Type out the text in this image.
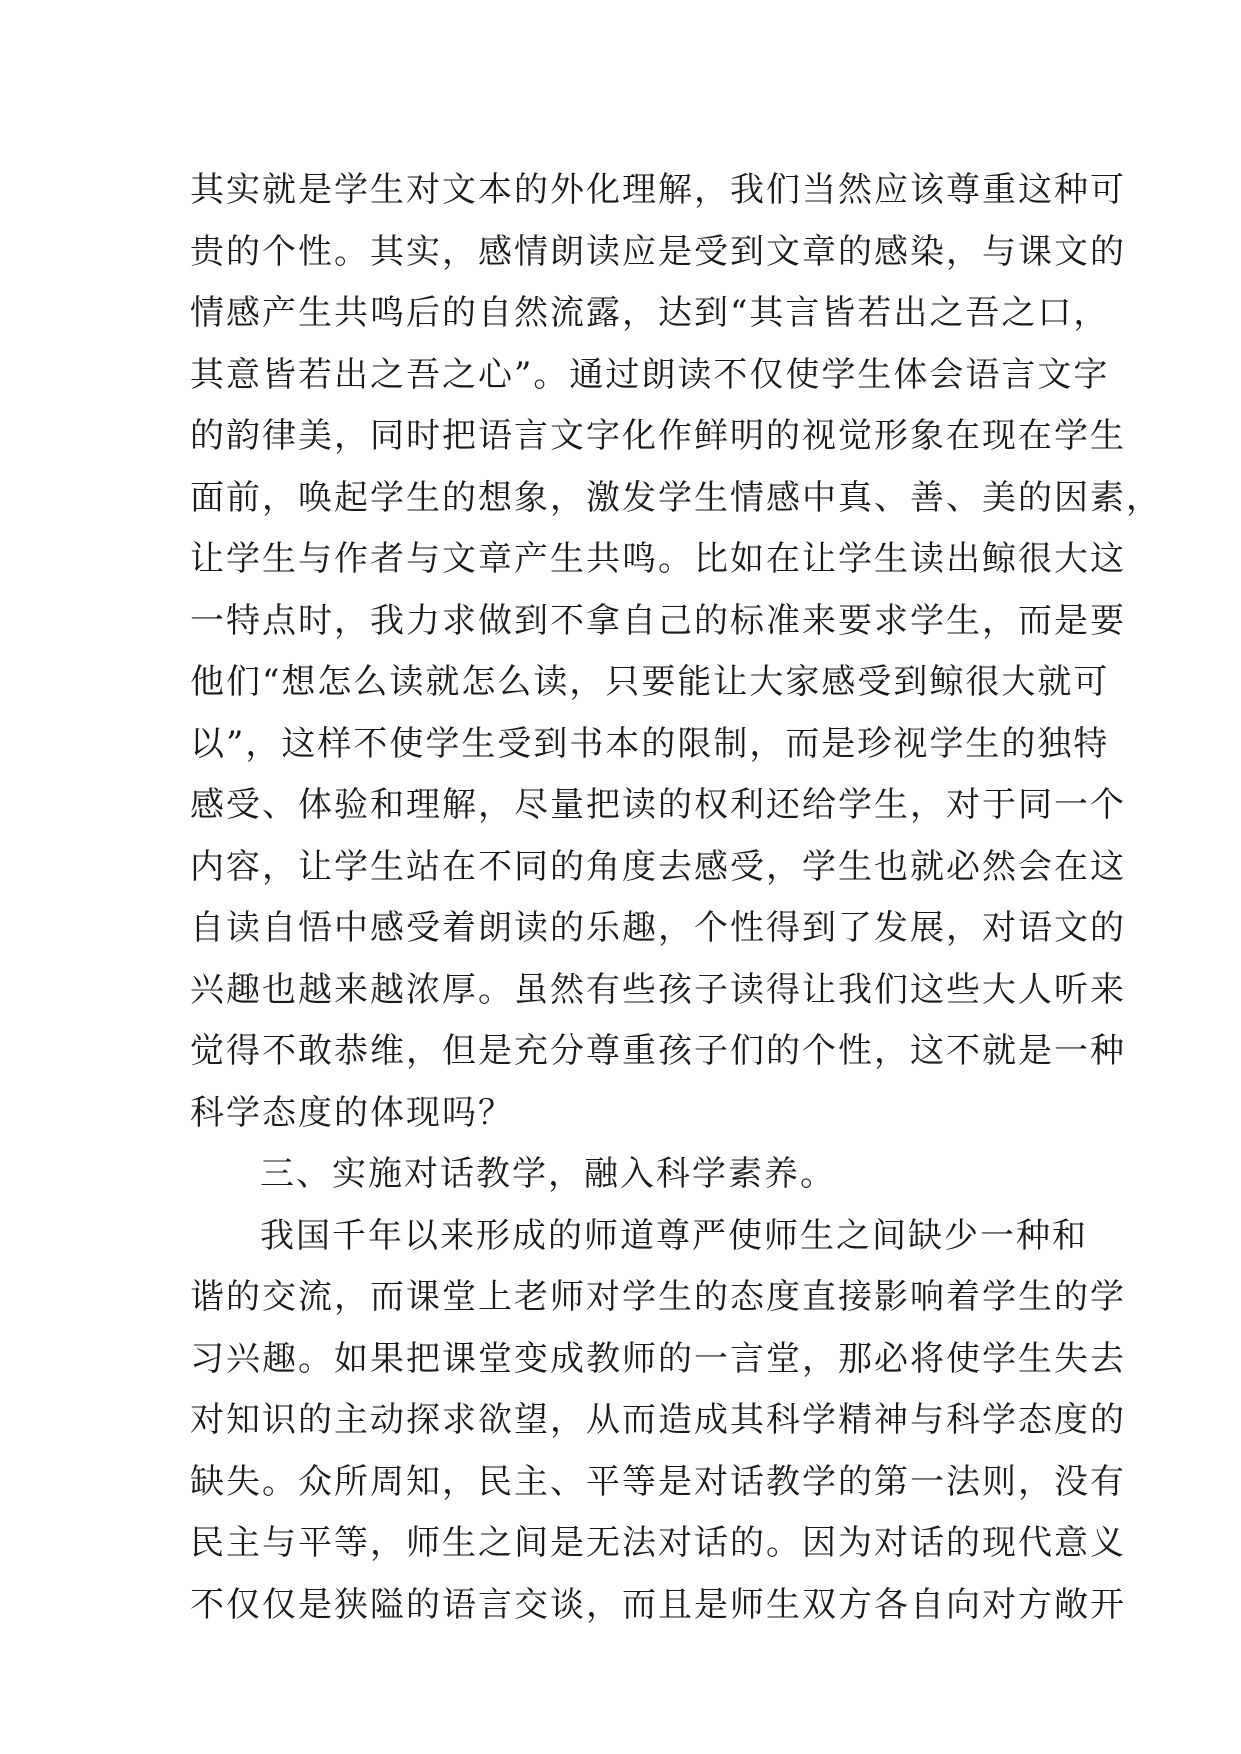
其实就是学生对文本的外化理解，我们当然应该尊重这种可
贵的个性。其实，感情朗读应是受到文章的感染，与课文的
情感产生共鸣后的自然流露，达到“其言皆若出之吾之口，
其意皆若出之吾之心”。通过朗读不仅使学生体会语言文字
的韵律美，同时把语言文字化作鲜明的视觉形象在现在学生
面前，唤起学生的想象，激发学生情感中真、善、美的因素，
让学生与作者与文章产生共鸣。比如在让学生读出鲸很大这
一特点时，我力求做到不拿自己的标准来要求学生，而是要
他们“想怎么读就怎么读，只要能让大家感受到鲸很大就可
以”，这样不使学生受到书本的限制，而是珍视学生的独特
感受、体验和理解，尽量把读的权利还给学生，对于同一个
内容，让学生站在不同的角度去感受，学生也就必然会在这
自读自悟中感受着朗读的乐趣，个性得到了发展，对语文的
兴趣也越来越浓厚。虽然有些孩子读得让我们这些大人听来
觉得不敢恭维，但是充分尊重孩子们的个性，这不就是一种
科学态度的体现吗？
三、实施对话教学，融入科学素养。
我国千年以来形成的师道尊严使师生之间缺少一种和
谐的交流，而课堂上老师对学生的态度直接影响着学生的学
习兴趣。如果把课堂变成教师的一言堂，那必将使学生失去
对知识的主动探求欲望，从而造成其科学精神与科学态度的
缺失。众所周知，民主、平等是对话教学的第一法则，没有
民主与平等，师生之间是无法对话的。因为对话的现代意义
不仅仅是狭隘的语言交谈，而且是师生双方各自向对方敞开
